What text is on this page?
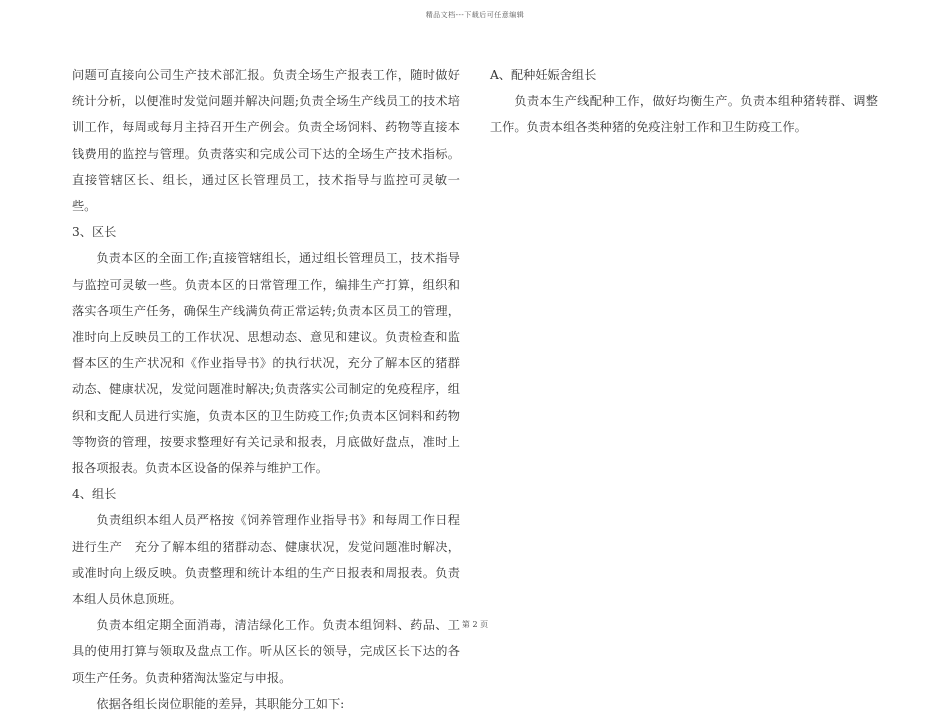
精品文档---下载后可任意编辑

问题可直接向公司生产技术部汇报。负责全场生产报表工作，随时做好统计分析，以便准时发觉问题并解决问题;负责全场生产线员工的技术培训工作，每周或每月主持召开生产例会。负责全场饲料、药物等直接本钱费用的监控与管理。负责落实和完成公司下达的全场生产技术指标。直接管辖区长、组长，通过区长管理员工，技术指导与监控可灵敏一些。

3、区长

负责本区的全面工作;直接管辖组长，通过组长管理员工，技术指导与监控可灵敏一些。负责本区的日常管理工作，编排生产打算，组织和落实各项生产任务，确保生产线满负荷正常运转;负责本区员工的管理，准时向上反映员工的工作状况、思想动态、意见和建议。负责检查和监督本区的生产状况和《作业指导书》的执行状况，充分了解本区的猪群动态、健康状况，发觉问题准时解决;负责落实公司制定的免疫程序，组织和支配人员进行实施，负责本区的卫生防疫工作;负责本区饲料和药物等物资的管理，按要求整理好有关记录和报表，月底做好盘点，准时上报各项报表。负责本区设备的保养与维护工作。

4、组长

负责组织本组人员严格按《饲养管理作业指导书》和每周工作日程进行生产　充分了解本组的猪群动态、健康状况，发觉问题准时解决，或准时向上级反映。负责整理和统计本组的生产日报表和周报表。负责本组人员休息顶班。

负责本组定期全面消毒，清洁绿化工作。负责本组饲料、药品、工具的使用打算与领取及盘点工作。听从区长的领导，完成区长下达的各项生产任务。负责种猪淘汰鉴定与申报。

依据各组长岗位职能的差异，其职能分工如下:

A、配种妊娠舍组长

负责本生产线配种工作，做好均衡生产。负责本组种猪转群、调整工作。负责本组各类种猪的免疫注射工作和卫生防疫工作。

第 2 页
